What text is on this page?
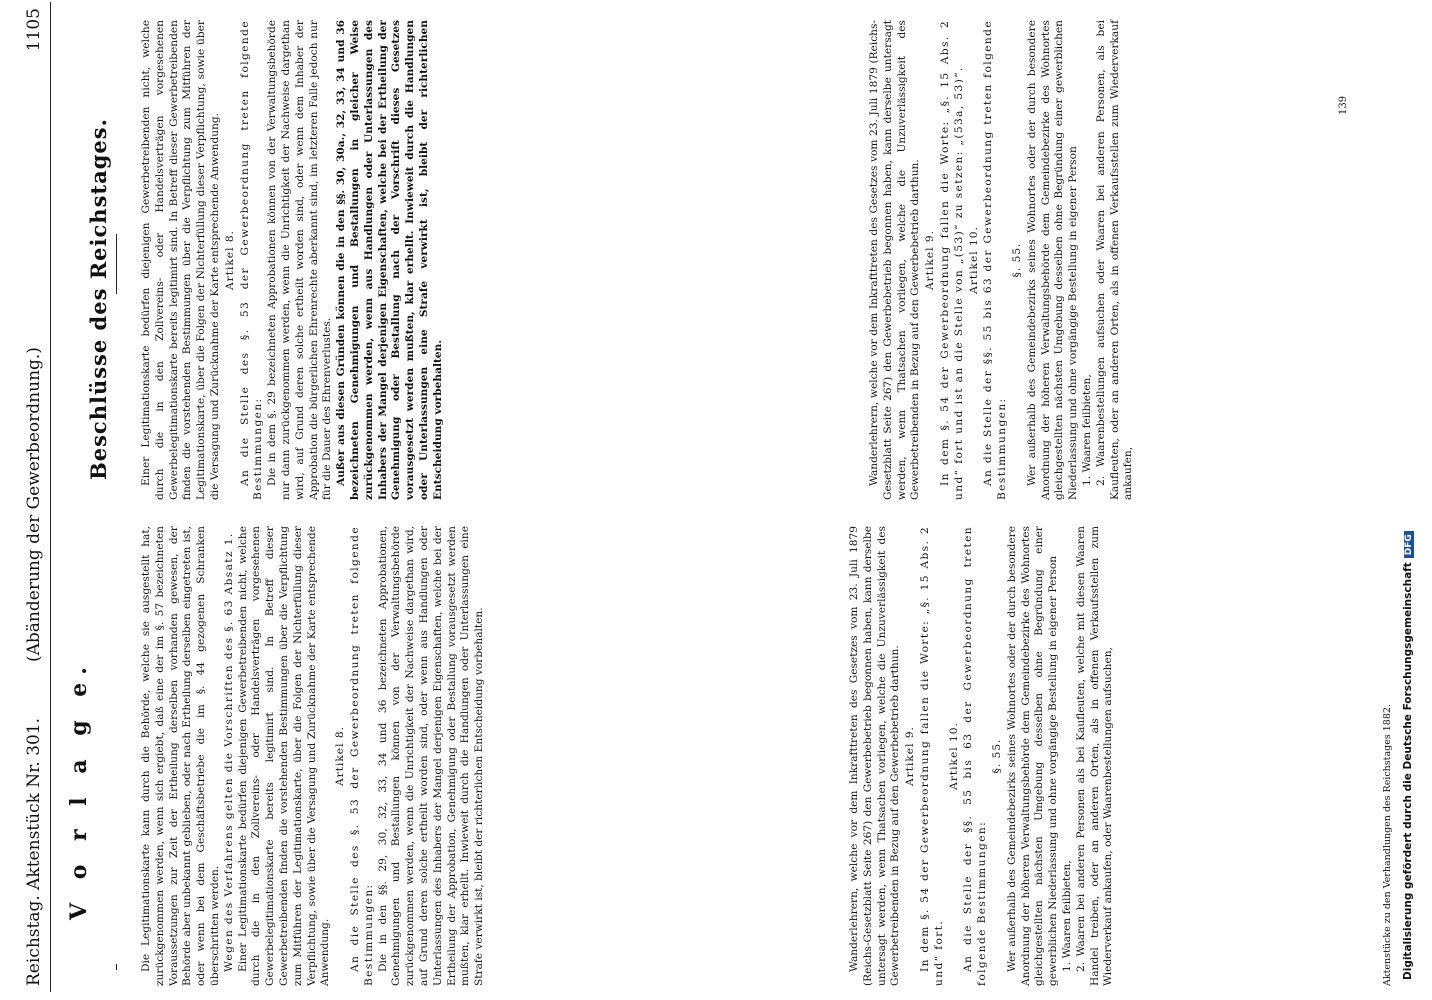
Reichstag. Aktenstück Nr. 301.
(Abänderung der Gewerbeordnung.)
1105
V o r l a g e.	Die Legitimationskarte kann durch die Behörde, welche sie ausgestellt hat, zurückgenommen werden, wenn sich ergiebt, daß eine der im §. 57 bezeichneten Voraussetzungen zur Zeit der Ertheilung derselben vorhanden gewesen, der Behörde aber unbekannt geblieben, oder nach Ertheilung derselben eingetreten ist, oder wenn bei dem Geschäftsbetriebe die im §. 44 gezogenen Schranken überschritten werden. Wegen des Verfahrens gelten die Vorschriften des §. 63 Absatz 1. Einer Legitimationskarte bedürfen diejenigen Gewerbetreibenden nicht, welche durch die in den Zollvereins- oder Handelsverträgen vorgesehenen Gewerbelegitimationskarte bereits legitimirt sind. In Betreff dieser Gewerbetreibenden finden die vorstehenden Bestimmungen über die Verpflichtung zum Mitführen der Legitimationskarte, über die Folgen der Nichterfüllung dieser Verpflichtung, sowie über die Versagung und Zurücknahme der Karte entsprechende Anwendung.

Artikel 8. An die Stelle des §. 53 der Gewerbeordnung treten folgende Bestimmungen: Die in den §§. 29, 30, 32, 33, 34 und 36 bezeichneten Approbationen, Genehmigungen und Bestallungen können von der Verwaltungsbehörde zurückgenommen werden, wenn die Unrichtigkeit der Nachweise dargethan wird, auf Grund deren solche ertheilt worden sind, oder wenn aus Handlungen oder Unterlassungen des Inhabers der Mangel derjenigen Eigenschaften, welche bei der Ertheilung der Approbation, Genehmigung oder Bestallung vorausgesetzt werden mußten, klar erhellt. Inwieweit durch die Handlungen oder Unterlassungen eine Strafe verwirkt ist, bleibt der richterlichen Entscheidung vorbehalten.	Wanderlehrern, welche vor dem Inkrafttreten des Gesetzes vom 23. Juli 1879 (Reichs-Gesetzblatt Seite 267) den Gewerbebetrieb begonnen haben, kann derselbe untersagt werden, wenn Thatsachen vorliegen, welche die Unzuverlässigkeit des Gewerbetreibenden in Bezug auf den Gewerbebetrieb darthun. Artikel 9. In dem §. 54 der Gewerbeordnung fallen die Worte: „§. 15 Abs. 2 und“ fort.

Artikel 10. An die Stelle der §§. 55 bis 63 der Gewerbeordnung treten folgende Bestimmungen:

§. 55. Wer außerhalb des Gemeindebezirks seines Wohnortes oder der durch besondere Anordnung der höheren Verwaltungsbehörde dem Gemeindebezirke des Wohnortes gleichgestellten nächsten Umgebung desselben ohne Begründung einer gewerblichen Niederlassung und ohne vorgängige Bestellung in eigener Person 1. Waaren feilbieten, 2. Waaren bei anderen Personen als bei Kaufleuten, welche mit diesen Waaren Handel treiben, oder an anderen Orten, als in offenen Verkaufsstellen zum Wiederverkauf ankaufen, oder Waarenbestellungen aufsuchen,	Aktenstücke zu den Verhandlungen des Reichstages 1882.
Beschlüsse des Reichstages.	Einer Legitimationskarte bedürfen diejenigen Gewerbetreibenden nicht, welche durch die in den Zollvereins- oder Handelsverträgen vorgesehenen Gewerbelegitimationskarte bereits legitimirt sind. In Betreff dieser Gewerbetreibenden finden die vorstehenden Bestimmungen über die Verpflichtung zum Mitführen der Legitimationskarte, über die Folgen der Nichterfüllung dieser Verpflichtung, sowie über die Versagung und Zurücknahme der Karte entsprechende Anwendung. Artikel 8. An die Stelle des §. 53 der Gewerbeordnung treten folgende Bestimmungen: Die in dem §. 29 bezeichneten Approbationen können von der Verwaltungsbehörde nur dann zurückgenommen werden, wenn die Unrichtigkeit der Nachweise dargethan wird, auf Grund deren solche ertheilt worden sind, oder wenn dem Inhaber der Approbation die bürgerlichen Ehrenrechte aberkannt sind, im letzteren Falle jedoch nur für die Dauer des Ehrenverlustes. Außer aus diesen Gründen können die in den §§. 30, 30a., 32, 33, 34 und 36 bezeichneten Genehmigungen und Bestallungen in gleicher Weise zurückgenommen werden, wenn aus Handlungen oder Unterlassungen des Inhabers der Mangel derjenigen Eigenschaften, welche bei der Ertheilung der Genehmigung oder Bestallung nach der Vorschrift dieses Gesetzes vorausgesetzt werden mußten, klar erhellt. Inwieweit durch die Handlungen oder Unterlassungen eine Strafe verwirkt ist, bleibt der richterlichen Entscheidung vorbehalten.	Wanderlehrern, welche vor dem Inkrafttreten des Gesetzes vom 23. Juli 1879 (Reichs-Gesetzblatt Seite 267) den Gewerbebetrieb begonnen haben, kann derselbe untersagt werden, wenn Thatsachen vorliegen, welche die Unzuverlässigkeit des Gewerbetreibenden in Bezug auf den Gewerbebetrieb darthun. Artikel 9. In dem §. 54 der Gewerbeordnung fallen die Worte: „§. 15 Abs. 2 und“ fort und ist an die Stelle von „(53)“ zu setzen: „(53a, 53)“. Artikel 10. An die Stelle der §§. 55 bis 63 der Gewerbeordnung treten folgende Bestimmungen:

§. 55. Wer außerhalb des Gemeindebezirks seines Wohnortes oder der durch besondere Anordnung der höheren Verwaltungsbehörde dem Gemeindebezirke des Wohnortes gleichgestellten nächsten Umgebung desselben ohne Begründung einer gewerblichen Niederlassung und ohne vorgängige Bestellung in eigener Person 1. Waaren feilbieten, 2. Waarenbestellungen aufsuchen oder Waaren bei anderen Personen, als bei Kaufleuten, oder an anderen Orten, als in offenen Verkaufsstellen zum Wiederverkauf ankaufen,

139
Digitalisierung gefördert durch die Deutsche ForschungsgemeinschaftDFG
